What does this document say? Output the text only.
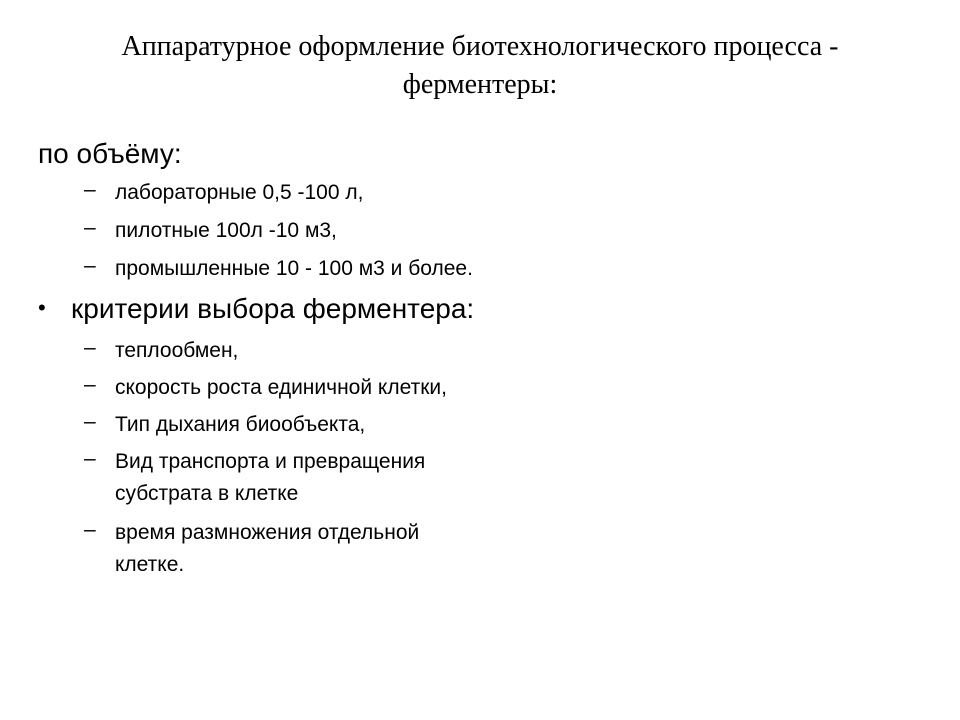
Аппаратурное оформление биотехнологического процесса -
ферментеры:
по объёму:
– лабораторные 0,5 -100 л,
– пилотные 100л -10 м3,
– промышленные 10 - 100 м3 и более.
• критерии выбора ферментера:
– теплообмен,
– скорость роста единичной клетки,
– Тип дыхания биообъекта,
– Вид транспорта и превращения
субстрата в клетке
– время размножения отдельной
клетке.
